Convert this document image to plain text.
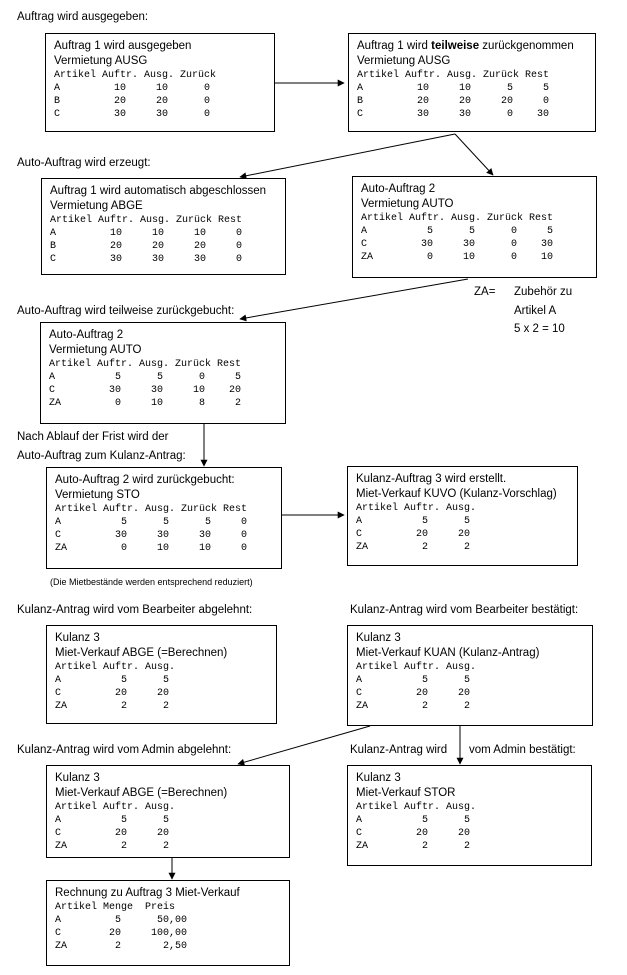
Auftrag wird ausgegeben:
Auto-Auftrag wird erzeugt:
Auto-Auftrag wird teilweise zurückgebucht:
Nach Ablauf der Frist wird der
Auto-Auftrag zum Kulanz-Antrag:
(Die Mietbestände werden entsprechend reduziert)
Kulanz-Antrag wird vom Bearbeiter abgelehnt:	Kulanz-Antrag wird vom Bearbeiter bestätigt:
Kulanz-Antrag wird vom Admin abgelehnt:	Kulanz-Antrag wird vom Admin bestätigt:
ZA= Zubehör zu
Artikel A
5 x 2 = 10
Auftrag 1 wird ausgegeben
Vermietung AUSG
Artikel Auftr. Ausg. Zurück
A         10     10      0
B         20     20      0
C         30     30      0
Auftrag 1 wird teilweise zurückgenommen
Vermietung AUSG
Artikel Auftr. Ausg. Zurück Rest
A         10     10      5     5
B         20     20     20     0
C         30     30      0    30
Auftrag 1 wird automatisch abgeschlossen
Vermietung ABGE
Artikel Auftr. Ausg. Zurück Rest
A         10     10     10     0
B         20     20     20     0
C         30     30     30     0
Auto-Auftrag 2
Vermietung AUTO
Artikel Auftr. Ausg. Zurück Rest
A          5      5      0     5
C         30     30      0    30
ZA         0     10      0    10
Auto-Auftrag 2
Vermietung AUTO
Artikel Auftr. Ausg. Zurück Rest
A          5      5      0     5
C         30     30     10    20
ZA         0     10      8     2
Auto-Auftrag 2 wird zurückgebucht:
Vermietung STO
Artikel Auftr. Ausg. Zurück Rest
A          5      5      5     0
C         30     30     30     0
ZA         0     10     10     0
Kulanz-Auftrag 3 wird erstellt.
Miet-Verkauf KUVO (Kulanz-Vorschlag)
Artikel Auftr. Ausg.
A          5      5
C         20     20
ZA         2      2
Kulanz 3
Miet-Verkauf ABGE (=Berechnen)
Artikel Auftr. Ausg.
A          5      5
C         20     20
ZA         2      2
Kulanz 3
Miet-Verkauf KUAN (Kulanz-Antrag)
Artikel Auftr. Ausg.
A          5      5
C         20     20
ZA         2      2
Kulanz 3
Miet-Verkauf ABGE (=Berechnen)
Artikel Auftr. Ausg.
A          5      5
C         20     20
ZA         2      2
Kulanz 3
Miet-Verkauf STOR
Artikel Auftr. Ausg.
A          5      5
C         20     20
ZA         2      2
Rechnung zu Auftrag 3 Miet-Verkauf
Artikel Menge  Preis
A         5      50,00
C        20     100,00
ZA        2       2,50
